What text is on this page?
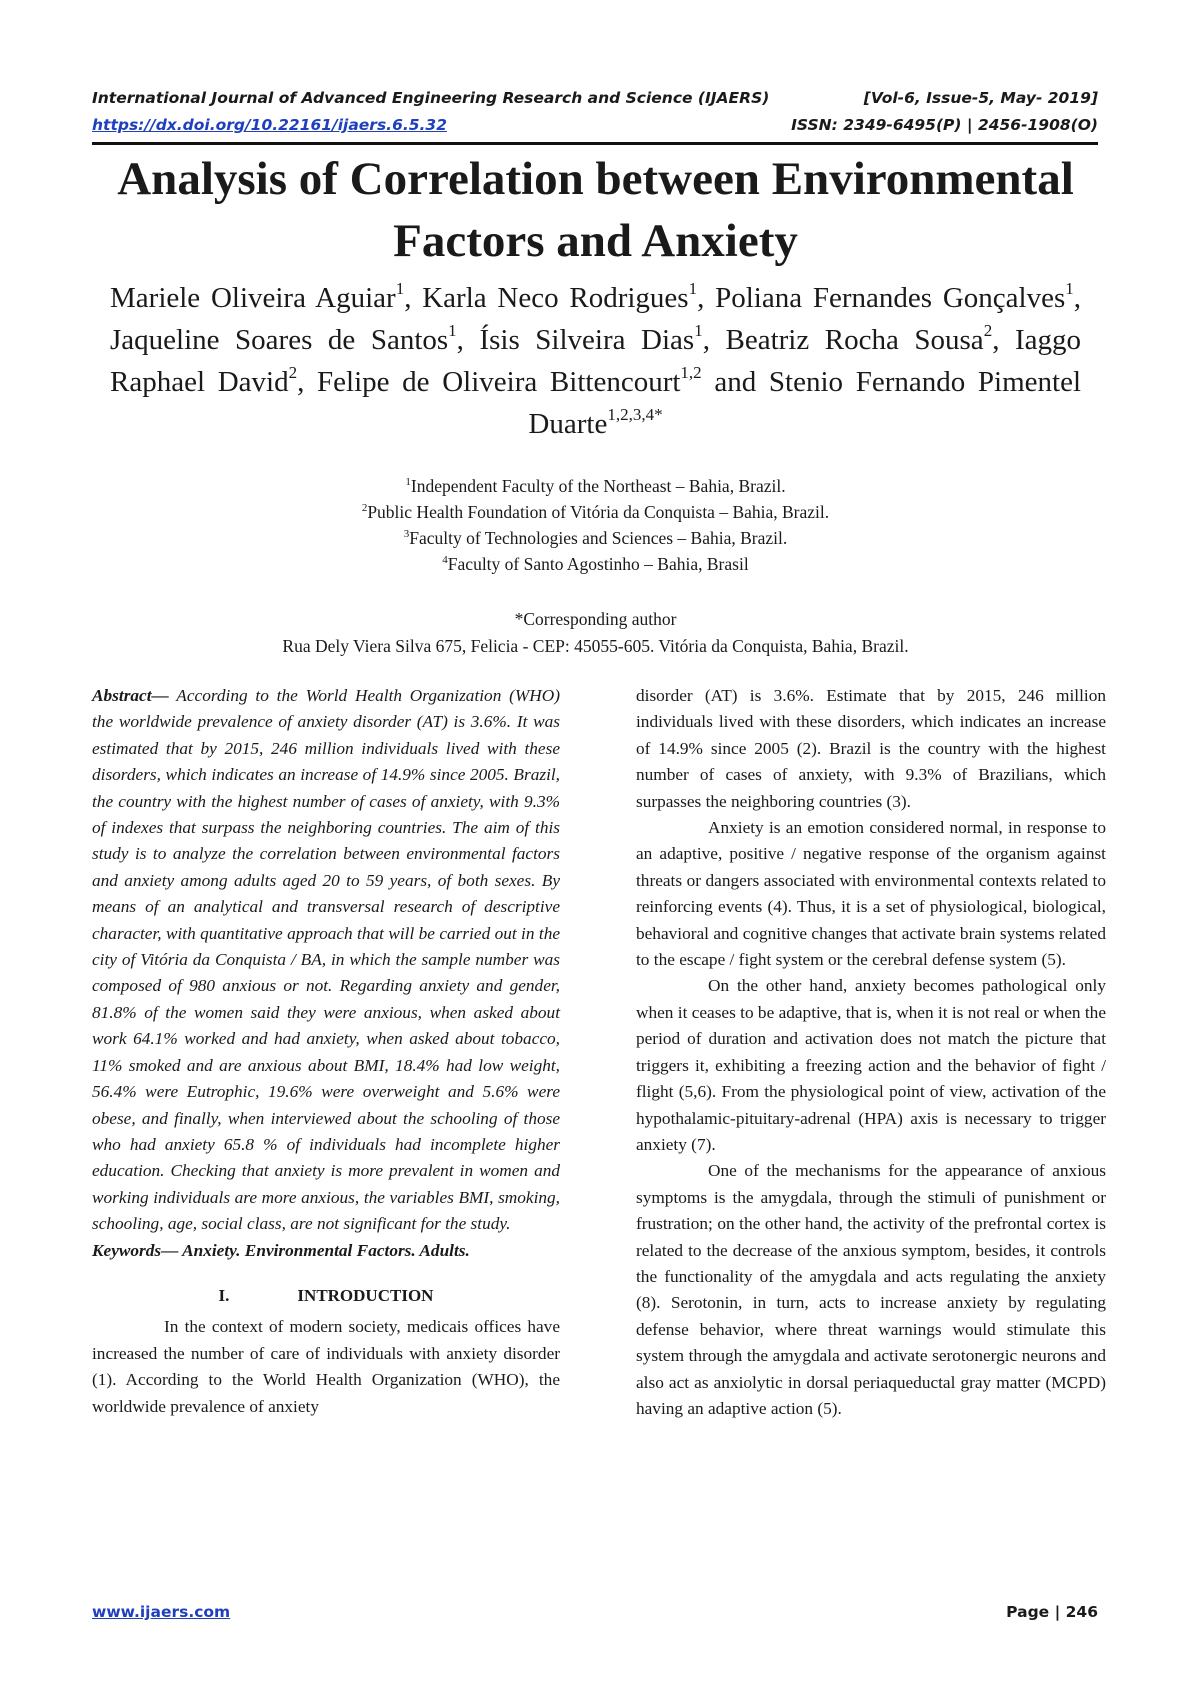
International Journal of Advanced Engineering Research and Science (IJAERS)	[Vol-6, Issue-5, May- 2019]
https://dx.doi.org/10.22161/ijaers.6.5.32	ISSN: 2349-6495(P) | 2456-1908(O)
Analysis of Correlation between Environmental Factors and Anxiety
Mariele Oliveira Aguiar$^1$, Karla Neco Rodrigues$^1$, Poliana Fernandes Gonçalves$^1$, Jaqueline Soares de Santos$^1$, Ísis Silveira Dias$^1$, Beatriz Rocha Sousa$^2$, Iaggo Raphael David$^2$, Felipe de Oliveira Bittencourt$^{1,2}$ and Stenio Fernando Pimentel Duarte$^{1,2,3,4*}$
$^1$Independent Faculty of the Northeast – Bahia, Brazil.
$^2$Public Health Foundation of Vitória da Conquista – Bahia, Brazil.
$^3$Faculty of Technologies and Sciences – Bahia, Brazil.
$^4$Faculty of Santo Agostinho – Bahia, Brasil
*Corresponding author
Rua Dely Viera Silva 675, Felicia - CEP: 45055-605. Vitória da Conquista, Bahia, Brazil.

Abstract— According to the World Health Organization (WHO) the worldwide prevalence of anxiety disorder (AT) is 3.6%. It was estimated that by 2015, 246 million individuals lived with these disorders, which indicates an increase of 14.9% since 2005. Brazil, the country with the highest number of cases of anxiety, with 9.3% of indexes that surpass the neighboring countries. The aim of this study is to analyze the correlation between environmental factors and anxiety among adults aged 20 to 59 years, of both sexes. By means of an analytical and transversal research of descriptive character, with quantitative approach that will be carried out in the city of Vitória da Conquista / BA, in which the sample number was composed of 980 anxious or not. Regarding anxiety and gender, 81.8% of the women said they were anxious, when asked about work 64.1% worked and had anxiety, when asked about tobacco, 11% smoked and are anxious about BMI, 18.4% had low weight, 56.4% were Eutrophic, 19.6% were overweight and 5.6% were obese, and finally, when interviewed about the schooling of those who had anxiety 65.8 % of individuals had incomplete higher education. Checking that anxiety is more prevalent in women and working individuals are more anxious, the variables BMI, smoking, schooling, age, social class, are not significant for the study.

Keywords— Anxiety. Environmental Factors. Adults.

I.	INTRODUCTION

In the context of modern society, medicais offices have increased the number of care of individuals with anxiety disorder (1). According to the World Health Organization (WHO), the worldwide prevalence of anxiety

disorder (AT) is 3.6%. Estimate that by 2015, 246 million individuals lived with these disorders, which indicates an increase of 14.9% since 2005 (2). Brazil is the country with the highest number of cases of anxiety, with 9.3% of Brazilians, which surpasses the neighboring countries (3).

Anxiety is an emotion considered normal, in response to an adaptive, positive / negative response of the organism against threats or dangers associated with environmental contexts related to reinforcing events (4). Thus, it is a set of physiological, biological, behavioral and cognitive changes that activate brain systems related to the escape / fight system or the cerebral defense system (5).

On the other hand, anxiety becomes pathological only when it ceases to be adaptive, that is, when it is not real or when the period of duration and activation does not match the picture that triggers it, exhibiting a freezing action and the behavior of fight / flight (5,6). From the physiological point of view, activation of the hypothalamic-pituitary-adrenal (HPA) axis is necessary to trigger anxiety (7).

One of the mechanisms for the appearance of anxious symptoms is the amygdala, through the stimuli of punishment or frustration; on the other hand, the activity of the prefrontal cortex is related to the decrease of the anxious symptom, besides, it controls the functionality of the amygdala and acts regulating the anxiety (8). Serotonin, in turn, acts to increase anxiety by regulating defense behavior, where threat warnings would stimulate this system through the amygdala and activate serotonergic neurons and also act as anxiolytic in dorsal periaqueductal gray matter (MCPD) having an adaptive action (5).

www.ijaers.com	Page | 246
